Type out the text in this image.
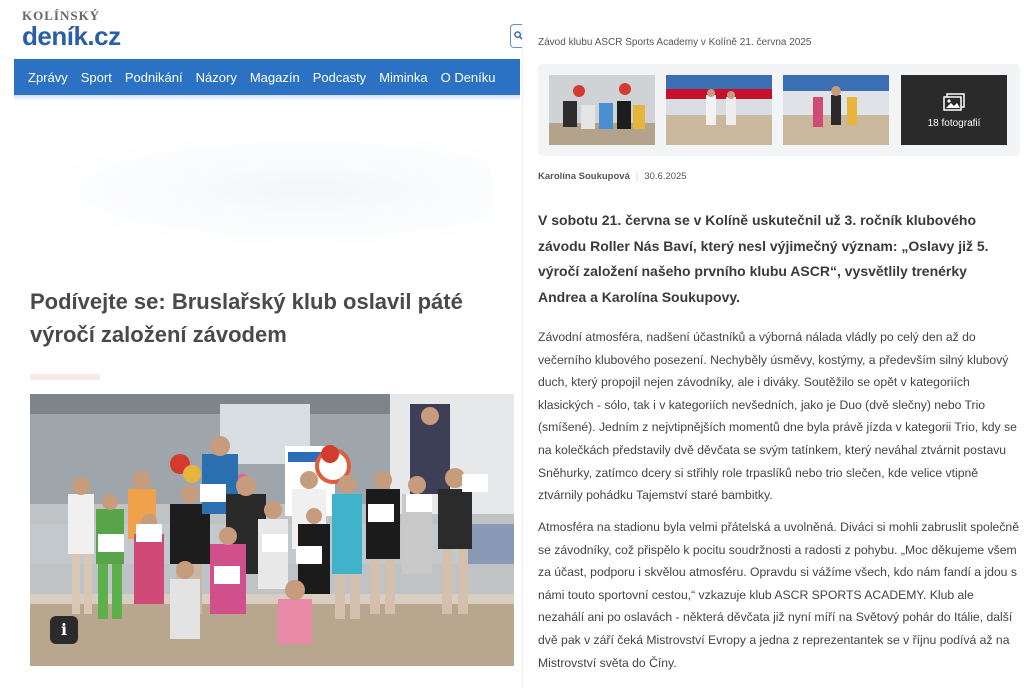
KOLÍNSKÝ
deník.cz
Zprávy Sport Podnikání Názory Magazín Podcasty Miminka O Deníku
Podívejte se: Bruslařský klub oslavil páté výročí založení závodem
i
Závod klubu ASCR Sports Academy v Kolíně 21. června 2025
18 fotografií
Karolína Soukupová | 30.6.2025

V sobotu 21. června se v Kolíně uskutečnil už 3. ročník klubového závodu Roller Nás Baví, který nesl výjimečný význam: „Oslavy již 5. výročí založení našeho prvního klubu ASCR“, vysvětlily trenérky Andrea a Karolína Soukupovy.

Závodní atmosféra, nadšení účastníků a výborná nálada vládly po celý den až do večerního klubového posezení. Nechyběly úsměvy, kostýmy, a především silný klubový duch, který propojil nejen závodníky, ale i diváky. Soutěžilo se opět v kategoriích klasických - sólo, tak i v kategoriích nevšedních, jako je Duo (dvě slečny) nebo Trio (smíšené). Jedním z nejvtipnějších momentů dne byla právě jízda v kategorii Trio, kdy se na kolečkách představily dvě děvčata se svým tatínkem, který neváhal ztvárnit postavu Sněhurky, zatímco dcery si střihly role trpaslíků nebo trio slečen, kde velice vtipně ztvárnily pohádku Tajemství staré bambitky.

Atmosféra na stadionu byla velmi přátelská a uvolněná. Diváci si mohli zabruslit společně se závodníky, což přispělo k pocitu soudržnosti a radosti z pohybu. „Moc děkujeme všem za účast, podporu i skvělou atmosféru. Opravdu si vážíme všech, kdo nám fandí a jdou s námi touto sportovní cestou,“ vzkazuje klub ASCR SPORTS ACADEMY. Klub ale nezahálí ani po oslavách - některá děvčata již nyní míří na Světový pohár do Itálie, další dvě pak v září čeká Mistrovství Evropy a jedna z reprezentantek se v říjnu podívá až na Mistrovství světa do Číny.
